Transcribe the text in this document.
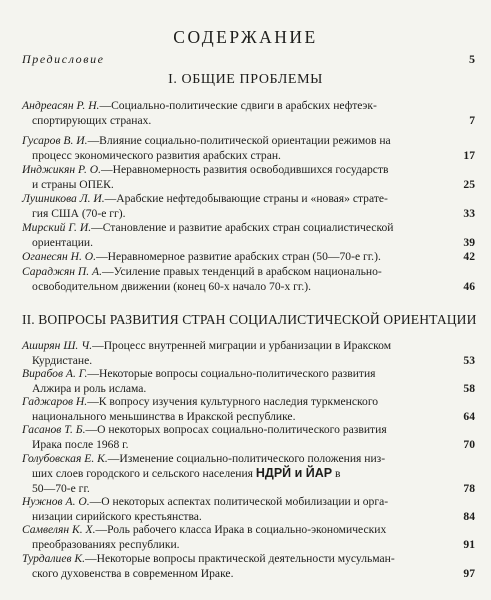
СОДЕРЖАНИЕ
Предисловие	5
I. ОБЩИЕ ПРОБЛЕМЫ
Андреасян Р. Н.—Социально-политические сдвиги в арабских нефтеэк-
спортирующих странах.	7
Гусаров В. И.—Влияние социально-политической ориентации режимов на
процесс экономического развития арабских стран.	17
Инджикян Р. О.—Неравномерность развития освободившихся государств
и страны ОПЕК.	25
Лушникова Л. И.—Арабские нефтедобывающие страны и «новая» страте-
гия США (70-е гг).	33
Мирский Г. И.—Становление и развитие арабских стран социалистической
ориентации.	39
Оганесян Н. О.—Неравномерное развитие арабских стран (50—70-е гг.).	42
Сараджян П. А.—Усиление правых тенденций в арабском национально-
освободительном движении (конец 60-х начало 70-х гг.).	46
II. ВОПРОСЫ РАЗВИТИЯ СТРАН СОЦИАЛИСТИЧЕСКОЙ ОРИЕНТАЦИИ
Аширян Ш. Ч.—Процесс внутренней миграции и урбанизации в Иракском
Курдистане.	53
Вирабов А. Г.—Некоторые вопросы социально-политического развития
Алжира и роль ислама.	58
Гаджаров Н.—К вопросу изучения культурного наследия туркменского
национального меньшинства в Иракской республике.	64
Гасанов Т. Б.—О некоторых вопросах социально-политического развития
Ирака после 1968 г.	70
Голубовская Е. К.—Изменение социально-политического положения низ-
ших слоев городского и сельского населения НДРЙ и ЙАР в
50—70-е гг.	78
Нужнов А. О.—О некоторых аспектах политической мобилизации и орга-
низации сирийского крестьянства.	84
Самвелян К. Х.—Роль рабочего класса Ирака в социально-экономических
преобразованиях республики.	91
Турдалиев К.—Некоторые вопросы практической деятельности мусульман-
ского духовенства в современном Ираке.	97
